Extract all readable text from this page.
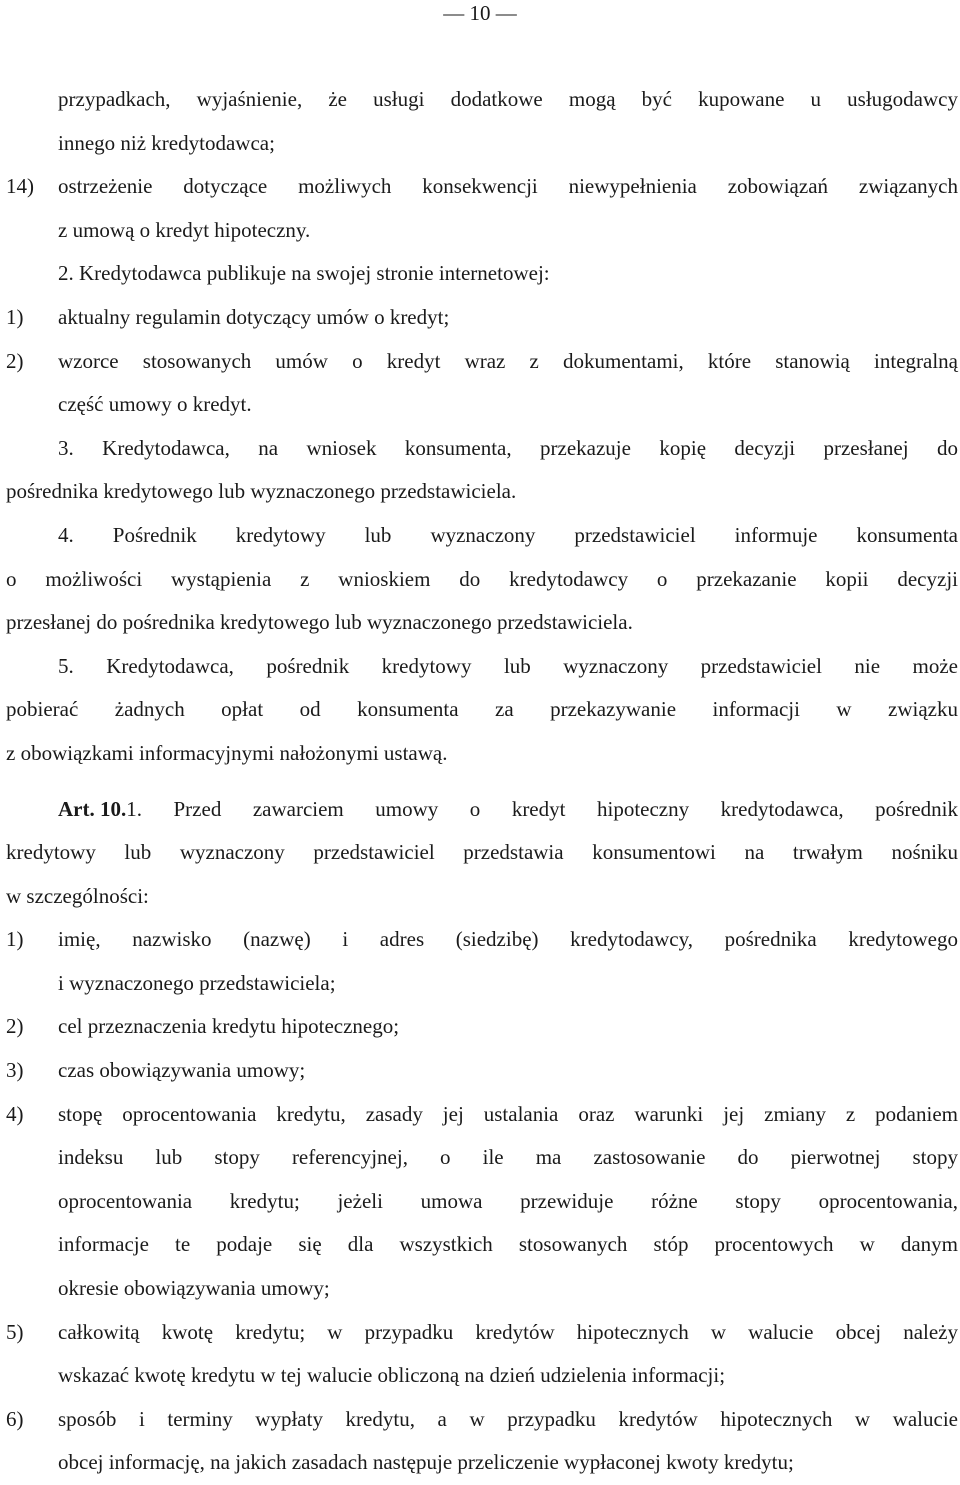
— 10 —
przypadkach, wyjaśnienie, że usługi dodatkowe mogą być kupowane u usługodawcy
innego niż kredytodawca;
14)	ostrzeżenie dotyczące możliwych konsekwencji niewypełnienia zobowiązań związanych
z umową o kredyt hipoteczny.
2. Kredytodawca publikuje na swojej stronie internetowej:
1)	aktualny regulamin dotyczący umów o kredyt;
2)	wzorce stosowanych umów o kredyt wraz z dokumentami, które stanowią integralną
część umowy o kredyt.
3. Kredytodawca, na wniosek konsumenta, przekazuje kopię decyzji przesłanej do
pośrednika kredytowego lub wyznaczonego przedstawiciela.
4. Pośrednik kredytowy lub wyznaczony przedstawiciel informuje konsumenta
o możliwości wystąpienia z wnioskiem do kredytodawcy o przekazanie kopii decyzji
przesłanej do pośrednika kredytowego lub wyznaczonego przedstawiciela.
5. Kredytodawca, pośrednik kredytowy lub wyznaczony przedstawiciel nie może
pobierać żadnych opłat od konsumenta za przekazywanie informacji w związku
z obowiązkami informacyjnymi nałożonymi ustawą.
Art. 10. 1. Przed zawarciem umowy o kredyt hipoteczny kredytodawca, pośrednik
kredytowy lub wyznaczony przedstawiciel przedstawia konsumentowi na trwałym nośniku
w szczególności:
1)	imię, nazwisko (nazwę) i adres (siedzibę) kredytodawcy, pośrednika kredytowego
i wyznaczonego przedstawiciela;
2)	cel przeznaczenia kredytu hipotecznego;
3)	czas obowiązywania umowy;
4)	stopę oprocentowania kredytu, zasady jej ustalania oraz warunki jej zmiany z podaniem
indeksu lub stopy referencyjnej, o ile ma zastosowanie do pierwotnej stopy
oprocentowania kredytu; jeżeli umowa przewiduje różne stopy oprocentowania,
informacje te podaje się dla wszystkich stosowanych stóp procentowych w danym
okresie obowiązywania umowy;
5)	całkowitą kwotę kredytu; w przypadku kredytów hipotecznych w walucie obcej należy
wskazać kwotę kredytu w tej walucie obliczoną na dzień udzielenia informacji;
6)	sposób i terminy wypłaty kredytu, a w przypadku kredytów hipotecznych w walucie
obcej informację, na jakich zasadach następuje przeliczenie wypłaconej kwoty kredytu;
